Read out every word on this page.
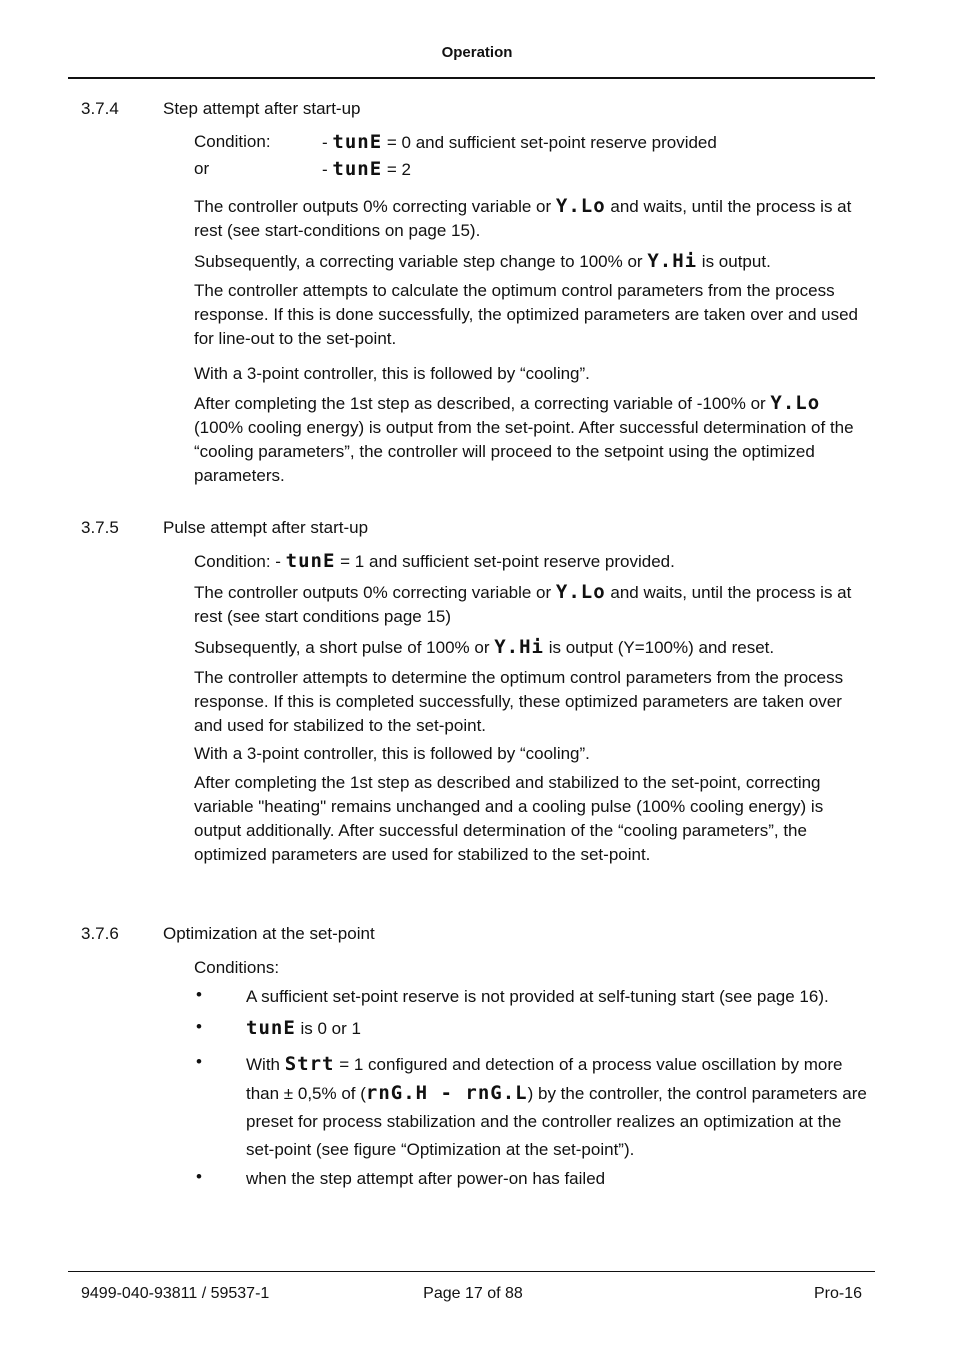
Operation
3.7.4	Step attempt after start-up
Condition:	- tunE = 0 and sufficient set-point reserve provided
or	- tunE = 2
The controller outputs 0% correcting variable or Y.Lo and waits, until the process is at rest (see start-conditions on page 15).
Subsequently, a correcting variable step change to 100% or Y.Hi is output.
The controller attempts to calculate the optimum control parameters from the process response. If this is done successfully, the optimized parameters are taken over and used for line-out to the set-point.
With a 3-point controller, this is followed by “cooling”.
After completing the 1st step as described, a correcting variable of -100% or Y.Lo (100% cooling energy) is output from the set-point. After successful determination of the “cooling parameters”, the controller will proceed to the setpoint using the optimized parameters.
3.7.5	Pulse attempt after start-up
Condition: - tunE = 1 and sufficient set-point reserve provided.
The controller outputs 0% correcting variable or Y.Lo and waits, until the process is at rest (see start conditions page 15)
Subsequently, a short pulse of 100% or Y.Hi is output (Y=100%) and reset.
The controller attempts to determine the optimum control parameters from the process response. If this is completed successfully, these optimized parameters are taken over and used for stabilized to the set-point.
With a 3-point controller, this is followed by “cooling”.
After completing the 1st step as described and stabilized to the set-point, correcting variable "heating" remains unchanged and a cooling pulse (100% cooling energy) is output additionally. After successful determination of the “cooling parameters”, the optimized parameters are used for stabilized to the set-point.
3.7.6	Optimization at the set-point
Conditions:
•	A sufficient set-point reserve is not provided at self-tuning start (see page 16).
• tunE is 0 or 1
•	With Strt = 1 configured and detection of a process value oscillation by more than ± 0,5% of (rnG.H - rnG.L) by the controller, the control parameters are preset for process stabilization and the controller realizes an optimization at the set-point (see figure “Optimization at the set-point”).
•	when the step attempt after power-on has failed
9499-040-93811 / 59537-1	Page 17 of 88	Pro-16
